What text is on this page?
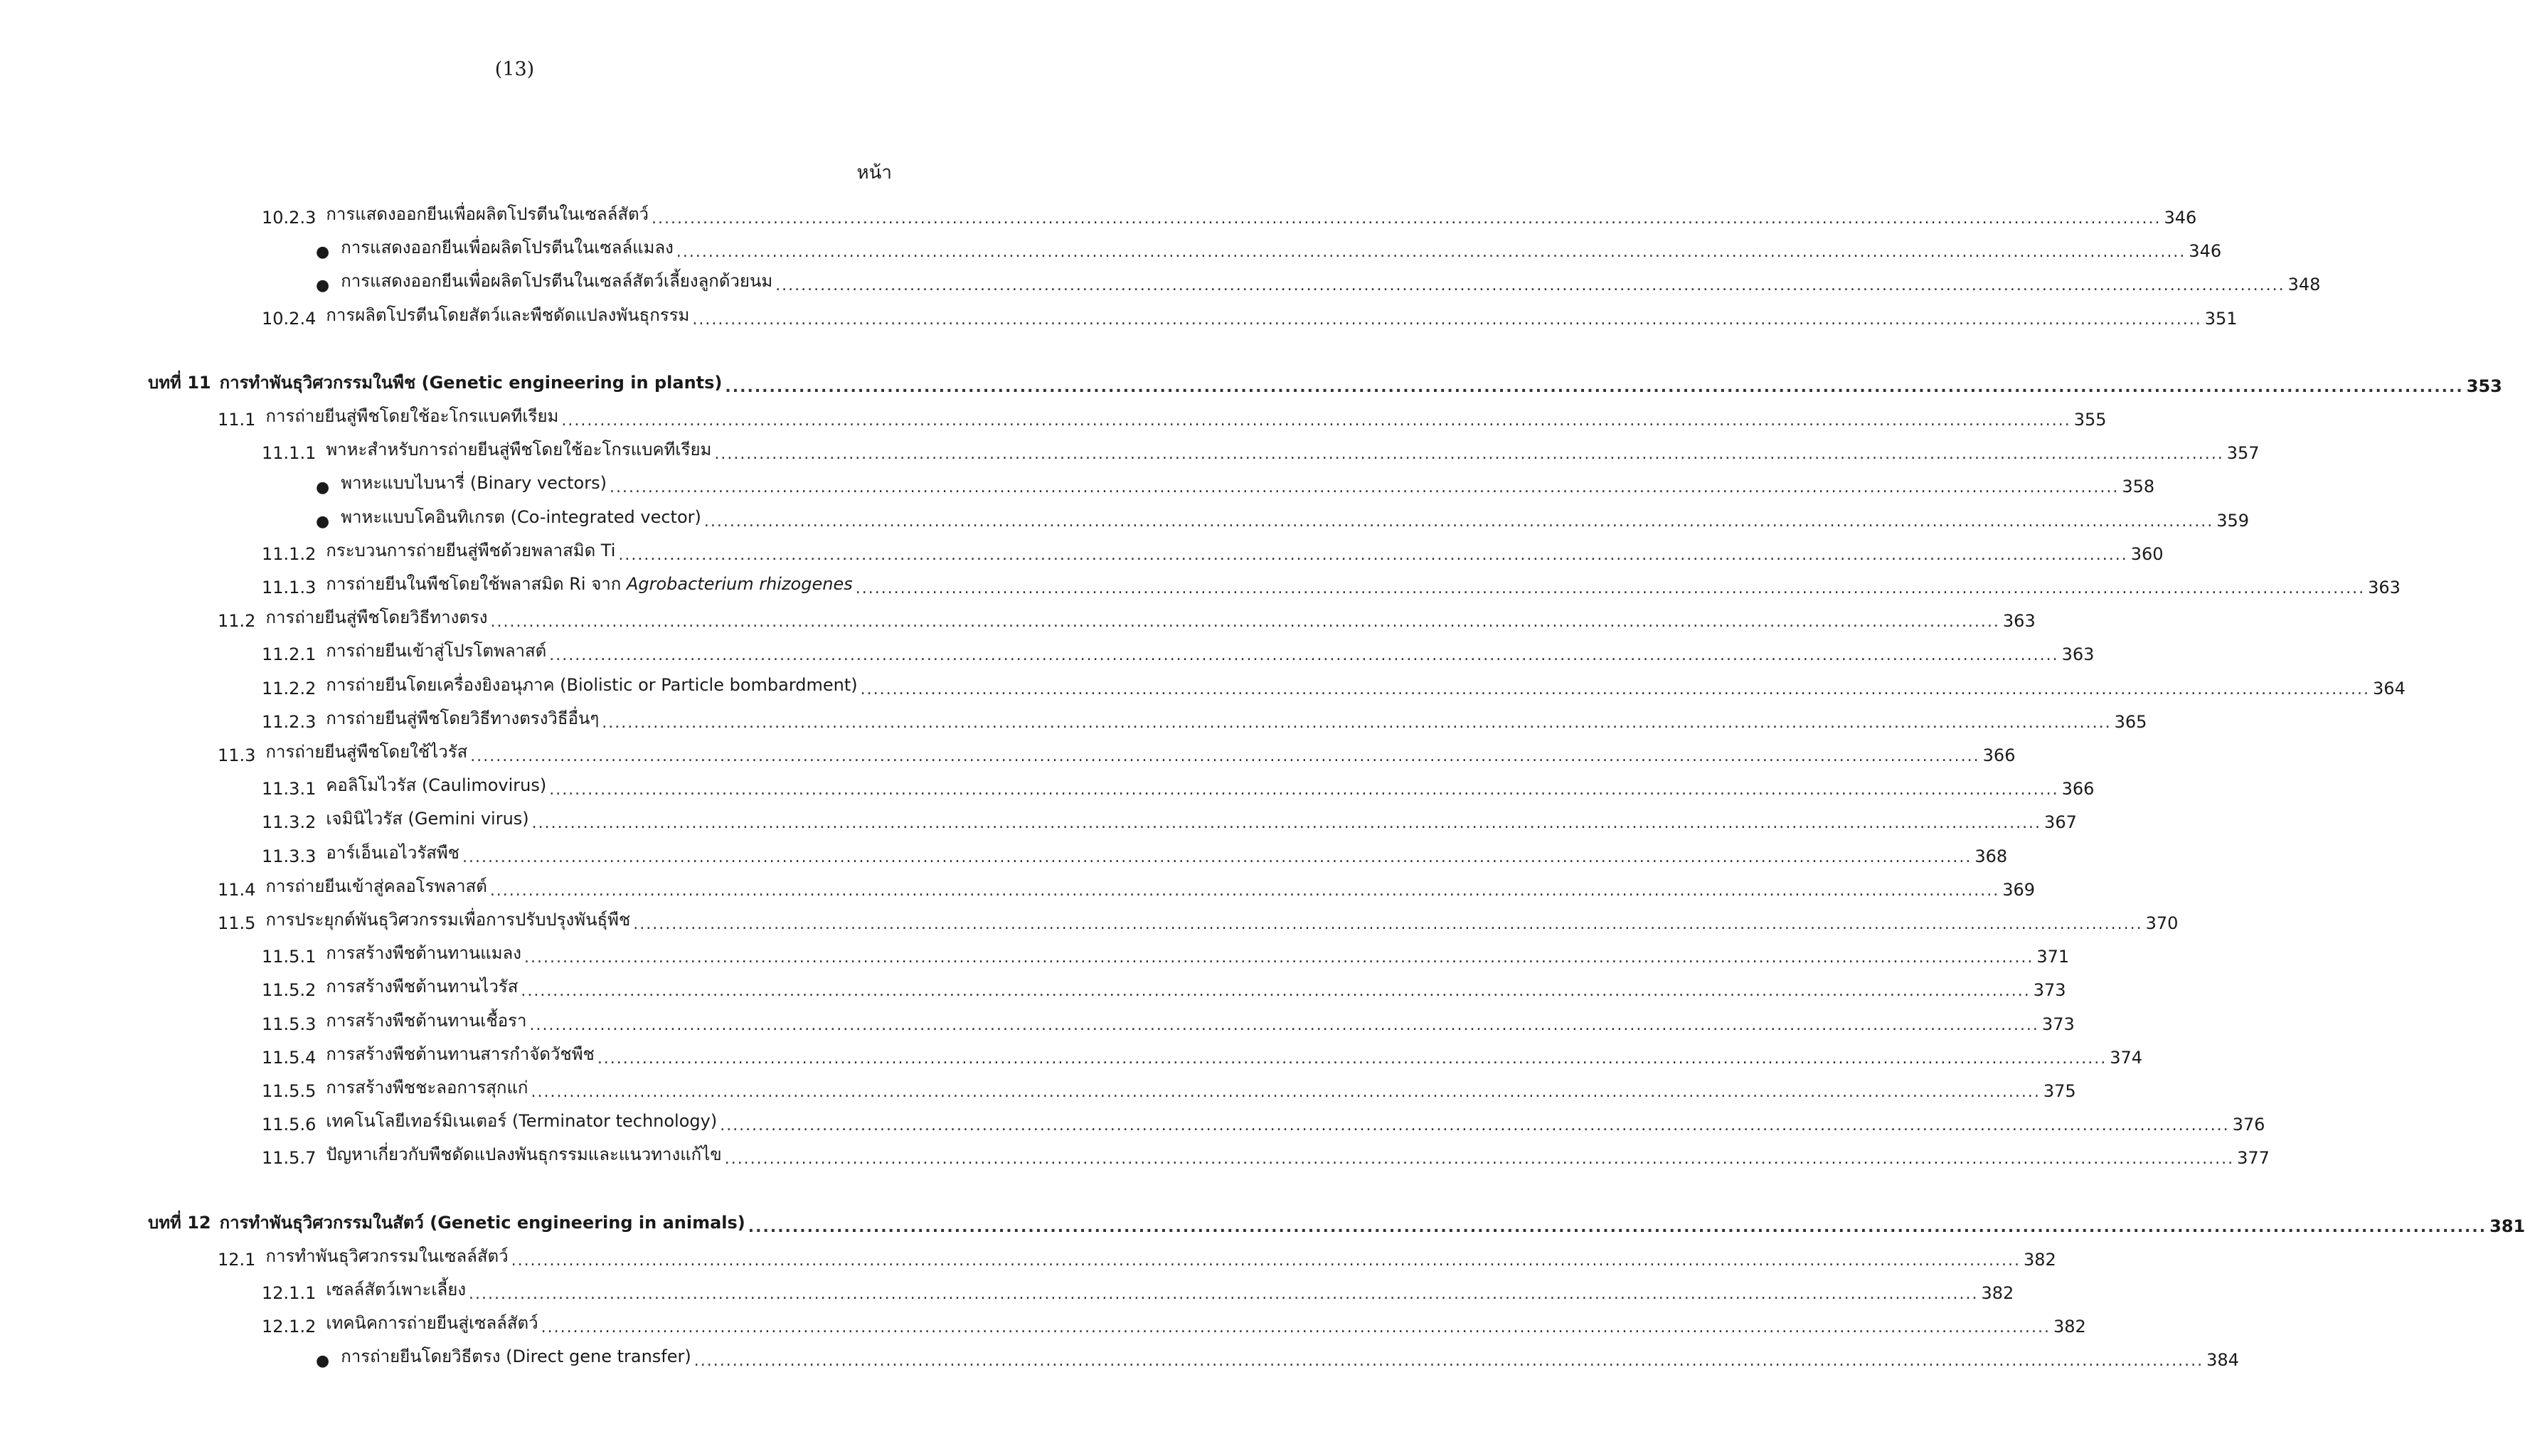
(13)
หน้า
10.2.3 การแสดงออกยีนเพื่อผลิตโปรตีนในเซลล์สัตว์ .....	346
● การแสดงออกยีนเพื่อผลิตโปรตีนในเซลล์แมลง .....	346
● การแสดงออกยีนเพื่อผลิตโปรตีนในเซลล์สัตว์เลี้ยงลูกด้วยนม .....	348
10.2.4 การผลิตโปรตีนโดยสัตว์และพืชดัดแปลงพันธุกรรม .....	351
บทที่ 11 การทำพันธุวิศวกรรมในพืช (Genetic engineering in plants) .....	353
11.1 การถ่ายยีนสู่พืชโดยใช้อะโกรแบคทีเรียม .....	355
11.1.1 พาหะสำหรับการถ่ายยีนสู่พืชโดยใช้อะโกรแบคทีเรียม .....	357
● พาหะแบบไบนารี่ (Binary vectors) .....	358
● พาหะแบบโคอินทิเกรต (Co-integrated vector) .....	359
11.1.2 กระบวนการถ่ายยีนสู่พืชด้วยพลาสมิด Ti .....	360
11.1.3 การถ่ายยีนในพืชโดยใช้พลาสมิด Ri จาก Agrobacterium rhizogenes .....	363
11.2 การถ่ายยีนสู่พืชโดยวิธีทางตรง .....	363
11.2.1 การถ่ายยีนเข้าสู่โปรโตพลาสต์ .....	363
11.2.2 การถ่ายยีนโดยเครื่องยิงอนุภาค (Biolistic or Particle bombardment) .....	364
11.2.3 การถ่ายยีนสู่พืชโดยวิธีทางตรงวิธีอื่นๆ .....	365
11.3 การถ่ายยีนสู่พืชโดยใช้ไวรัส .....	366
11.3.1 คอลิโมไวรัส (Caulimovirus) .....	366
11.3.2 เจมินิไวรัส (Gemini virus) .....	367
11.3.3 อาร์เอ็นเอไวรัสพืช .....	368
11.4 การถ่ายยีนเข้าสู่คลอโรพลาสต์ .....	369
11.5 การประยุกต์พันธุวิศวกรรมเพื่อการปรับปรุงพันธุ์พืช .....	370
11.5.1 การสร้างพืชต้านทานแมลง .....	371
11.5.2 การสร้างพืชต้านทานไวรัส .....	373
11.5.3 การสร้างพืชต้านทานเชื้อรา .....	373
11.5.4 การสร้างพืชต้านทานสารกำจัดวัชพืช .....	374
11.5.5 การสร้างพืชชะลอการสุกแก่ .....	375
11.5.6 เทคโนโลยีเทอร์มิเนเตอร์ (Terminator technology) .....	376
11.5.7 ปัญหาเกี่ยวกับพืชดัดแปลงพันธุกรรมและแนวทางแก้ไข .....	377
บทที่ 12 การทำพันธุวิศวกรรมในสัตว์ (Genetic engineering in animals) .....	381
12.1 การทำพันธุวิศวกรรมในเซลล์สัตว์ .....	382
12.1.1 เซลล์สัตว์เพาะเลี้ยง .....	382
12.1.2 เทคนิคการถ่ายยีนสู่เซลล์สัตว์ .....	382
● การถ่ายยีนโดยวิธีตรง (Direct gene transfer) .....	384
